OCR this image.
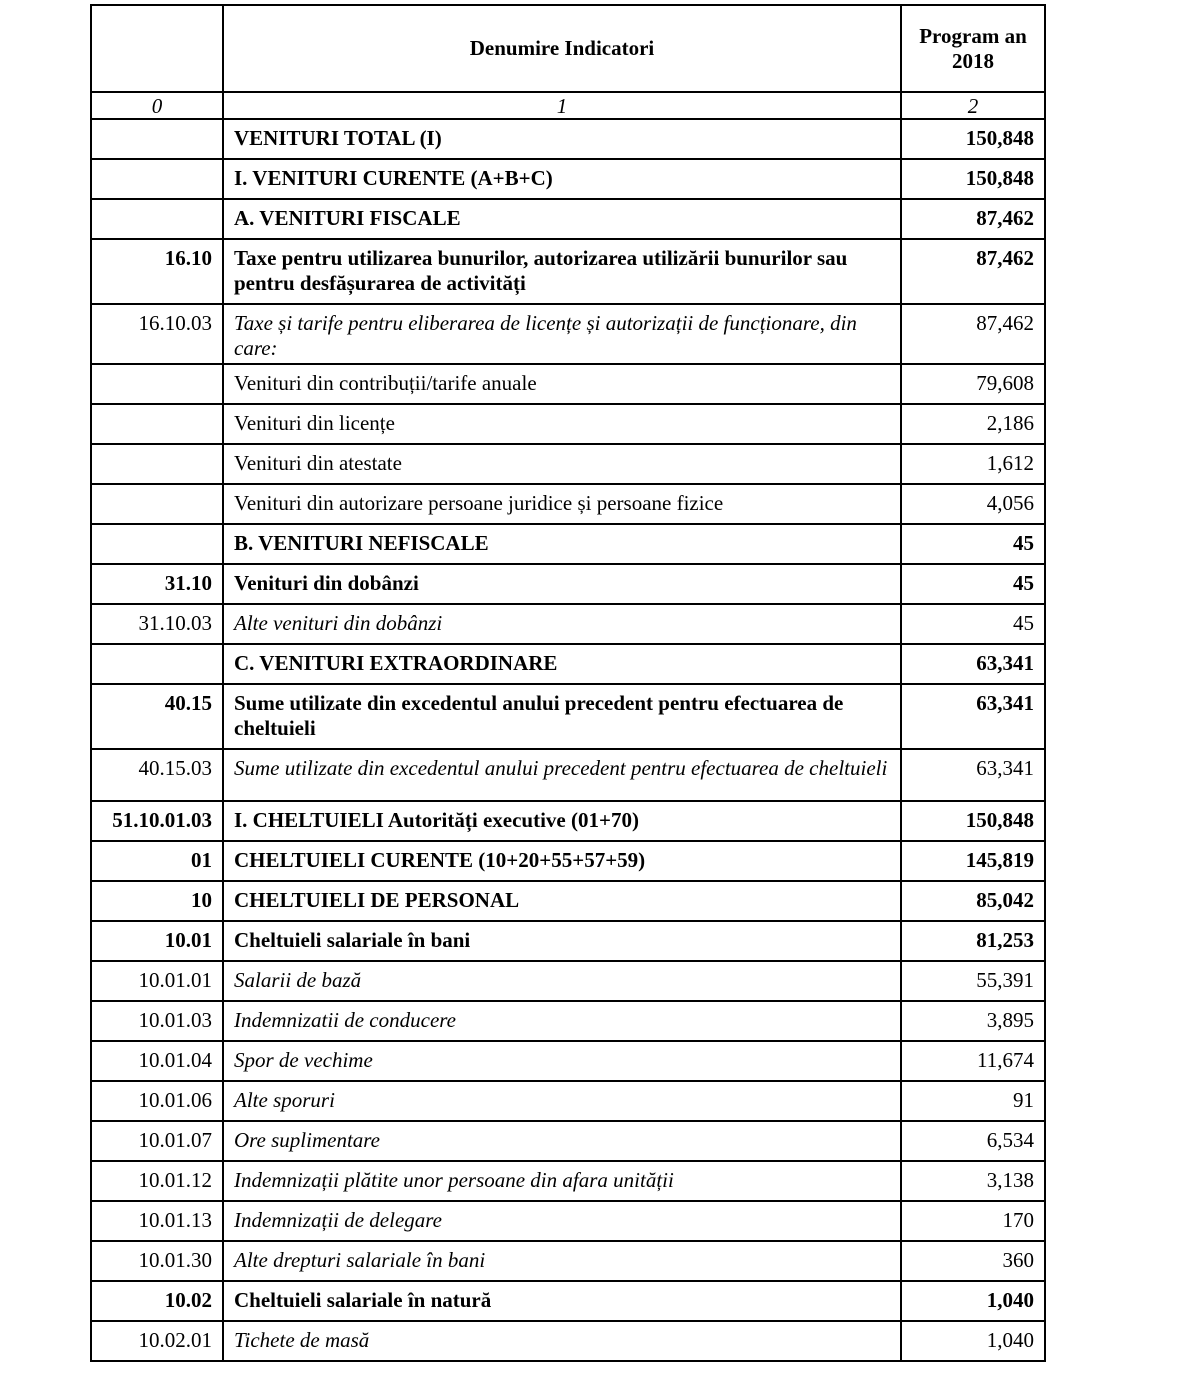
	Denumire Indicatori	Program an 2018
0	1	2
	VENITURI TOTAL (I)	150,848
	I. VENITURI CURENTE (A+B+C)	150,848
	A. VENITURI FISCALE	87,462
16.10	Taxe pentru utilizarea bunurilor, autorizarea utilizării bunurilor sau pentru desfășurarea de activități	87,462
16.10.03	Taxe și tarife pentru eliberarea de licențe și autorizații de funcționare, din care:	87,462
	Venituri din contribuții/tarife anuale	79,608
	Venituri din licențe	2,186
	Venituri din atestate	1,612
	Venituri din autorizare persoane juridice și persoane fizice	4,056
	B. VENITURI NEFISCALE	45
31.10	Venituri din dobânzi	45
31.10.03	Alte venituri din dobânzi	45
	C. VENITURI EXTRAORDINARE	63,341
40.15	Sume utilizate din excedentul anului precedent pentru efectuarea de cheltuieli	63,341
40.15.03	Sume utilizate din excedentul anului precedent pentru efectuarea de cheltuieli	63,341
51.10.01.03	I. CHELTUIELI Autorități executive (01+70)	150,848
01	CHELTUIELI CURENTE (10+20+55+57+59)	145,819
10	CHELTUIELI DE PERSONAL	85,042
10.01	Cheltuieli salariale în bani	81,253
10.01.01	Salarii de bază	55,391
10.01.03	Indemnizatii de conducere	3,895
10.01.04	Spor de vechime	11,674
10.01.06	Alte sporuri	91
10.01.07	Ore suplimentare	6,534
10.01.12	Indemnizații plătite unor persoane din afara unității	3,138
10.01.13	Indemnizații de delegare	170
10.01.30	Alte drepturi salariale în bani	360
10.02	Cheltuieli salariale în natură	1,040
10.02.01	Tichete de masă	1,040
